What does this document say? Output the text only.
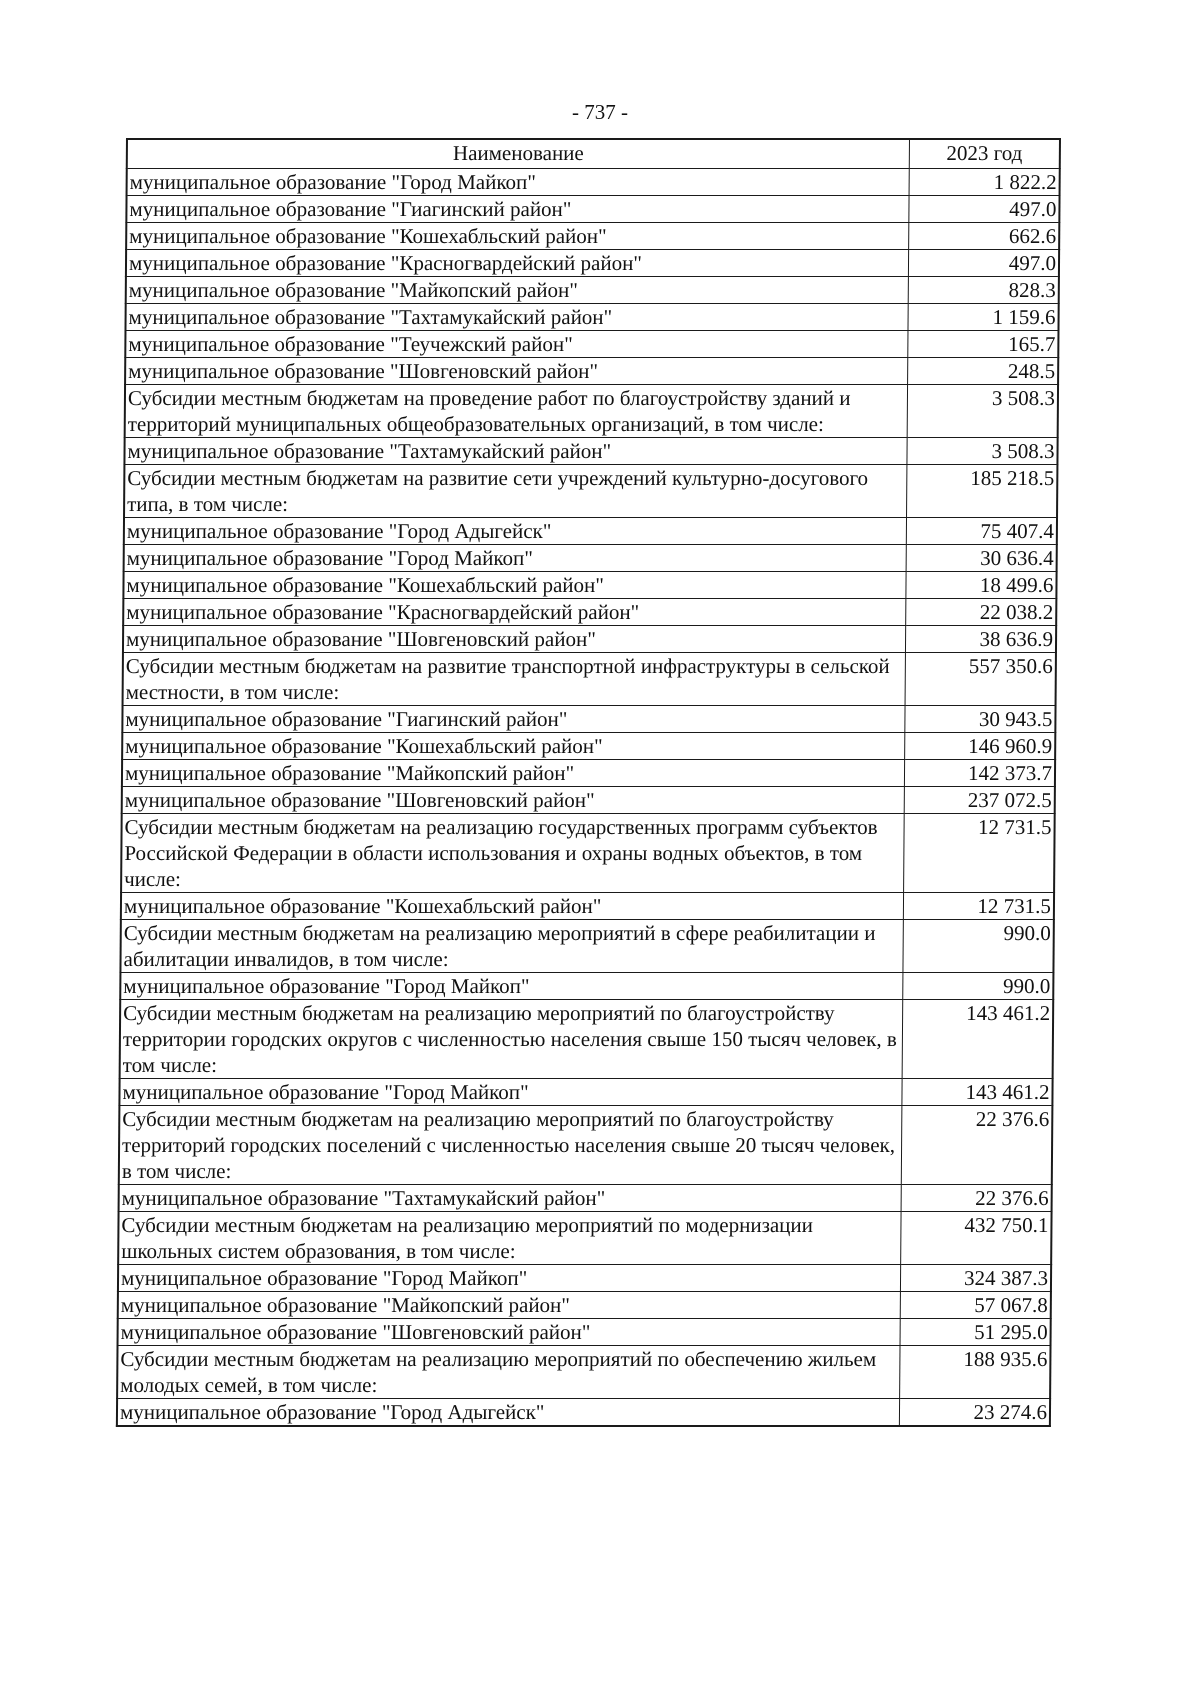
- 737 -
Наименование	2023 год
муниципальное образование "Город Майкоп"	1 822.2
муниципальное образование "Гиагинский район"	497.0
муниципальное образование "Кошехабльский район"	662.6
муниципальное образование "Красногвардейский район"	497.0
муниципальное образование "Майкопский район"	828.3
муниципальное образование "Тахтамукайский район"	1 159.6
муниципальное образование "Теучежский район"	165.7
муниципальное образование "Шовгеновский район"	248.5
Субсидии местным бюджетам на проведение работ по благоустройству зданий и территорий муниципальных общеобразовательных организаций, в том числе:	3 508.3
муниципальное образование "Тахтамукайский район"	3 508.3
Субсидии местным бюджетам на развитие сети учреждений культурно-досугового типа, в том числе:	185 218.5
муниципальное образование "Город Адыгейск"	75 407.4
муниципальное образование "Город Майкоп"	30 636.4
муниципальное образование "Кошехабльский район"	18 499.6
муниципальное образование "Красногвардейский район"	22 038.2
муниципальное образование "Шовгеновский район"	38 636.9
Субсидии местным бюджетам на развитие транспортной инфраструктуры в сельской местности, в том числе:	557 350.6
муниципальное образование "Гиагинский район"	30 943.5
муниципальное образование "Кошехабльский район"	146 960.9
муниципальное образование "Майкопский район"	142 373.7
муниципальное образование "Шовгеновский район"	237 072.5
Субсидии местным бюджетам на реализацию государственных программ субъектов Российской Федерации в области использования и охраны водных объектов, в том числе:	12 731.5
муниципальное образование "Кошехабльский район"	12 731.5
Субсидии местным бюджетам на реализацию мероприятий в сфере реабилитации и абилитации инвалидов, в том числе:	990.0
муниципальное образование "Город Майкоп"	990.0
Субсидии местным бюджетам на реализацию мероприятий по благоустройству территории городских округов с численностью населения свыше 150 тысяч человек, в том числе:	143 461.2
муниципальное образование "Город Майкоп"	143 461.2
Субсидии местным бюджетам на реализацию мероприятий по благоустройству территорий городских поселений с численностью населения свыше 20 тысяч человек, в том числе:	22 376.6
муниципальное образование "Тахтамукайский район"	22 376.6
Субсидии местным бюджетам на реализацию мероприятий по модернизации школьных систем образования, в том числе:	432 750.1
муниципальное образование "Город Майкоп"	324 387.3
муниципальное образование "Майкопский район"	57 067.8
муниципальное образование "Шовгеновский район"	51 295.0
Субсидии местным бюджетам на реализацию мероприятий по обеспечению жильем молодых семей, в том числе:	188 935.6
муниципальное образование "Город Адыгейск"	23 274.6
